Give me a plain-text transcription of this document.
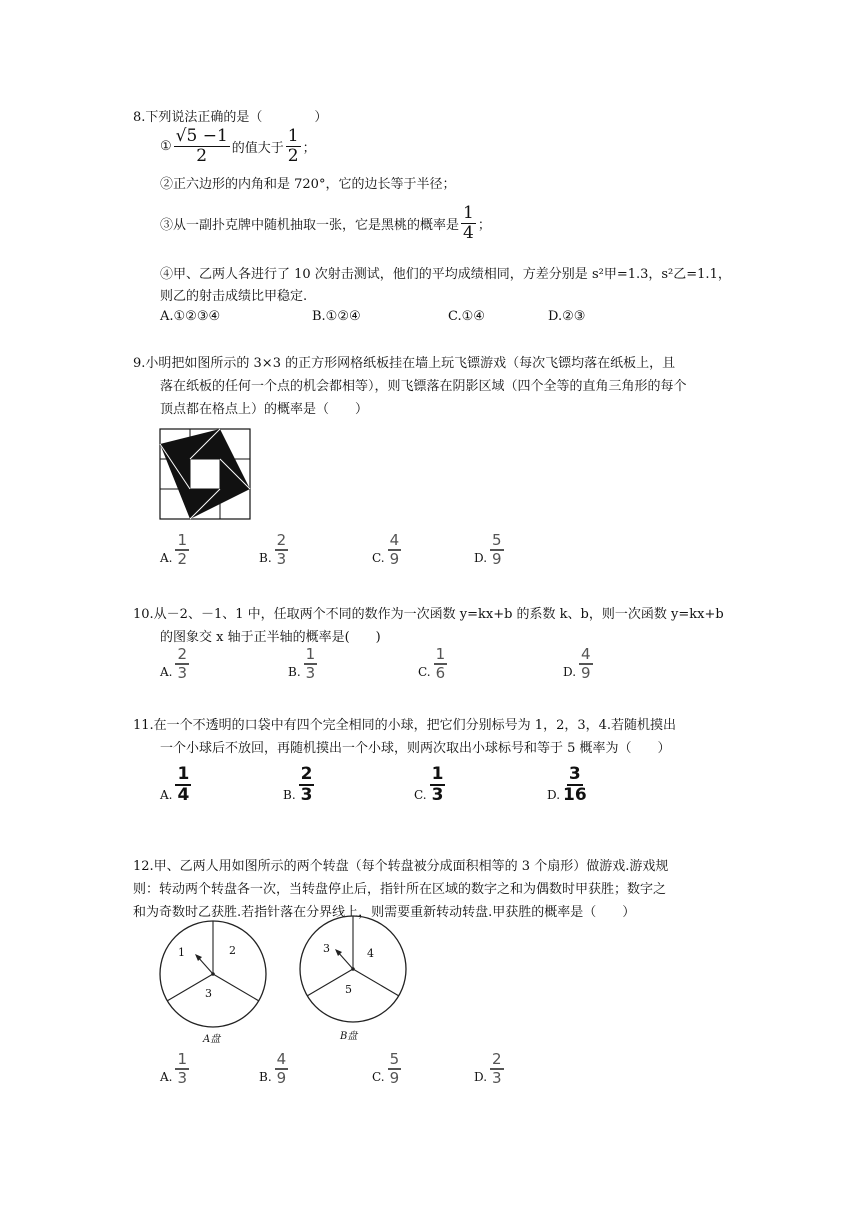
8.下列说法正确的是（　　　　）
① $\frac{√5 -1}{2}$ 的值大于 $\frac{1}{2}$ ；
②正六边形的内角和是 720°，它的边长等于半径；
③从一副扑克牌中随机抽取一张，它是黑桃的概率是 $\frac{1}{4}$ ；
④甲、乙两人各进行了 10 次射击测试，他们的平均成绩相同，方差分别是 s²甲=1.3，s²乙=1.1，
则乙的射击成绩比甲稳定.
A.①②③④	B.①②④	C.①④	D.②③
9.小明把如图所示的 3×3 的正方形网格纸板挂在墙上玩飞镖游戏（每次飞镖均落在纸板上，且
落在纸板的任何一个点的机会都相等），则飞镖落在阴影区域（四个全等的直角三角形的每个
顶点都在格点上）的概率是（　　）
A. $\frac{1}{2}$	B. $\frac{2}{3}$	C. $\frac{4}{9}$	D. $\frac{5}{9}$
10.从－2、－1、1 中，任取两个不同的数作为一次函数 y=kx+b 的系数 k、b，则一次函数 y=kx+b
的图象交 x 轴于正半轴的概率是(　　)
A. $\frac{2}{3}$	B. $\frac{1}{3}$	C. $\frac{1}{6}$	D. $\frac{4}{9}$
11.在一个不透明的口袋中有四个完全相同的小球，把它们分别标号为 1，2，3，4.若随机摸出
一个小球后不放回，再随机摸出一个小球，则两次取出小球标号和等于 5 概率为（　　）
A. $\frac{1}{4}$	B. $\frac{2}{3}$	C. $\frac{1}{3}$	D. $\frac{3}{16}$
12.甲、乙两人用如图所示的两个转盘（每个转盘被分成面积相等的 3 个扇形）做游戏.游戏规
则：转动两个转盘各一次，当转盘停止后，指针所在区域的数字之和为偶数时甲获胜；数字之
和为奇数时乙获胜.若指针落在分界线上，则需要重新转动转盘.甲获胜的概率是（　　）
1	2
3
A盘
3	4
5
B盘
A. $\frac{1}{3}$	B. $\frac{4}{9}$	C. $\frac{5}{9}$	D. $\frac{2}{3}$
